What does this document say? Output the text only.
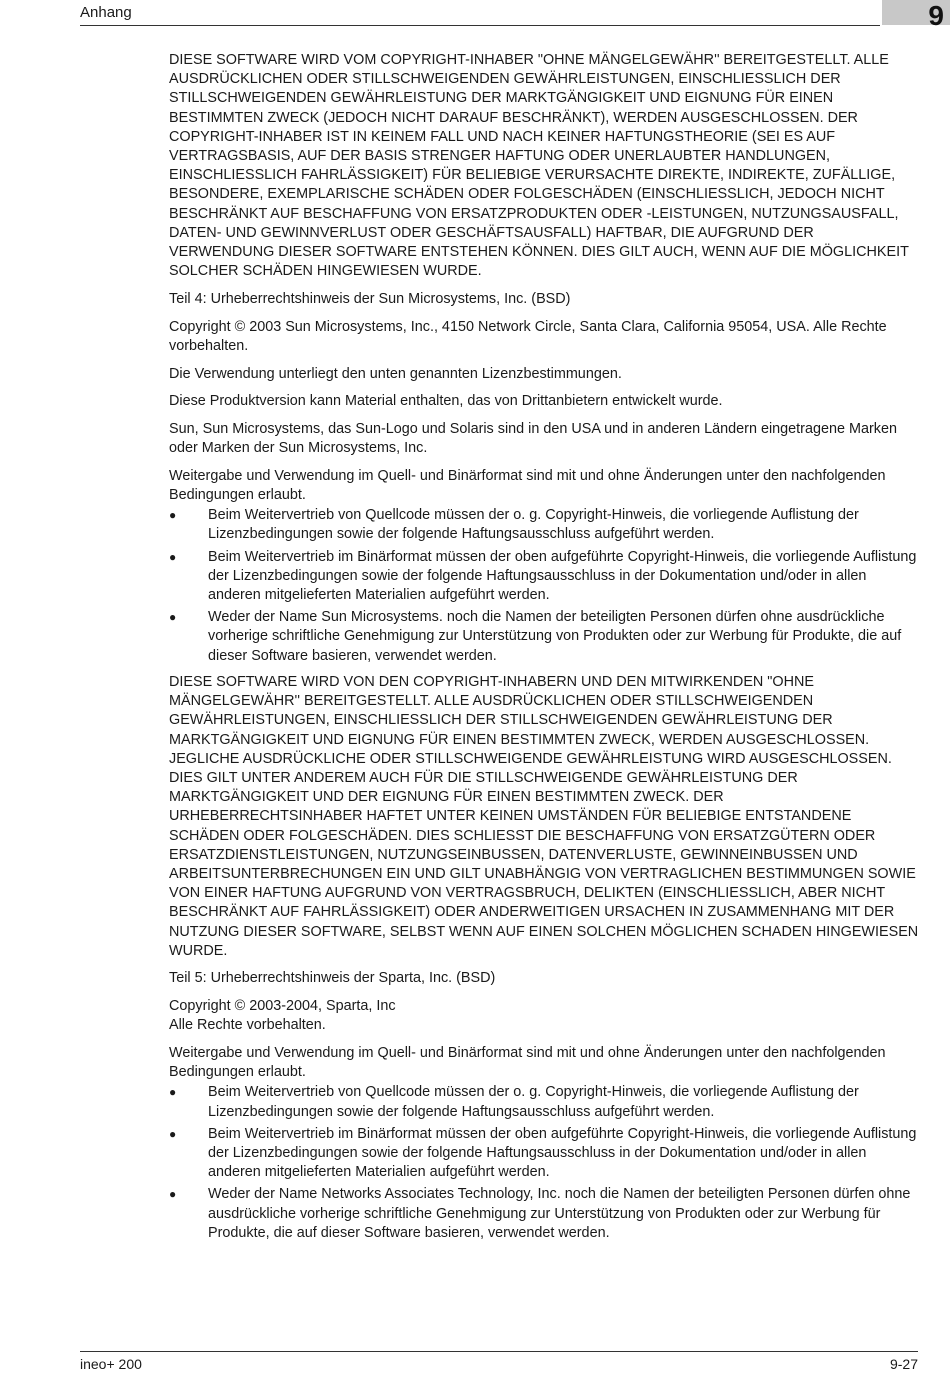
Anhang	9

DIESE SOFTWARE WIRD VOM COPYRIGHT-INHABER "OHNE MÄNGELGEWÄHR'' BEREITGESTELLT. ALLE AUSDRÜCKLICHEN ODER STILLSCHWEIGENDEN GEWÄHRLEISTUNGEN, EINSCHLIESSLICH DER STILLSCHWEIGENDEN GEWÄHRLEISTUNG DER MARKTGÄNGIGKEIT UND EIGNUNG FÜR EINEN BESTIMMTEN ZWECK (JEDOCH NICHT DARAUF BESCHRÄNKT), WERDEN AUSGESCHLOSSEN. DER COPYRIGHT-INHABER IST IN KEINEM FALL UND NACH KEINER HAFTUNGSTHEORIE (SEI ES AUF VERTRAGSBASIS, AUF DER BASIS STRENGER HAFTUNG ODER UNERLAUBTER HANDLUNGEN, EINSCHLIESSLICH FAHRLÄSSIGKEIT) FÜR BELIEBIGE VERURSACHTE DIREKTE, INDIREKTE, ZUFÄLLIGE, BESONDERE, EXEMPLARISCHE SCHÄDEN ODER FOLGESCHÄDEN (EINSCHLIESSLICH, JEDOCH NICHT BESCHRÄNKT AUF BESCHAFFUNG VON ERSATZPRODUKTEN ODER -LEISTUNGEN, NUTZUNGSAUSFALL, DATEN- UND GEWINNVERLUST ODER GESCHÄFTSAUSFALL) HAFTBAR, DIE AUFGRUND DER VERWENDUNG DIESER SOFTWARE ENTSTEHEN KÖNNEN. DIES GILT AUCH, WENN AUF DIE MÖGLICHKEIT SOLCHER SCHÄDEN HINGEWIESEN WURDE.

Teil 4: Urheberrechtshinweis der Sun Microsystems, Inc. (BSD)

Copyright © 2003 Sun Microsystems, Inc., 4150 Network Circle, Santa Clara, California 95054, USA. Alle Rechte vorbehalten.

Die Verwendung unterliegt den unten genannten Lizenzbestimmungen.

Diese Produktversion kann Material enthalten, das von Drittanbietern entwickelt wurde.

Sun, Sun Microsystems, das Sun-Logo und Solaris sind in den USA und in anderen Ländern eingetragene Marken oder Marken der Sun Microsystems, Inc.

Weitergabe und Verwendung im Quell- und Binärformat sind mit und ohne Änderungen unter den nachfolgenden Bedingungen erlaubt.

●	Beim Weitervertrieb von Quellcode müssen der o. g. Copyright-Hinweis, die vorliegende Auflistung der Lizenzbedingungen sowie der folgende Haftungsausschluss aufgeführt werden.
●	Beim Weitervertrieb im Binärformat müssen der oben aufgeführte Copyright-Hinweis, die vorliegende Auflistung der Lizenzbedingungen sowie der folgende Haftungsausschluss in der Dokumentation und/oder in allen anderen mitgelieferten Materialien aufgeführt werden.
●	Weder der Name Sun Microsystems. noch die Namen der beteiligten Personen dürfen ohne ausdrückliche vorherige schriftliche Genehmigung zur Unterstützung von Produkten oder zur Werbung für Produkte, die auf dieser Software basieren, verwendet werden.

DIESE SOFTWARE WIRD VON DEN COPYRIGHT-INHABERN UND DEN MITWIRKENDEN "OHNE MÄNGELGEWÄHR'' BEREITGESTELLT. ALLE AUSDRÜCKLICHEN ODER STILLSCHWEIGENDEN GEWÄHRLEISTUNGEN, EINSCHLIESSLICH DER STILLSCHWEIGENDEN GEWÄHRLEISTUNG DER MARKTGÄNGIGKEIT UND EIGNUNG FÜR EINEN BESTIMMTEN ZWECK, WERDEN AUSGESCHLOSSEN. JEGLICHE AUSDRÜCKLICHE ODER STILLSCHWEIGENDE GEWÄHRLEISTUNG WIRD AUSGESCHLOSSEN. DIES GILT UNTER ANDEREM AUCH FÜR DIE STILLSCHWEIGENDE GEWÄHRLEISTUNG DER MARKTGÄNGIGKEIT UND DER EIGNUNG FÜR EINEN BESTIMMTEN ZWECK. DER URHEBERRECHTSINHABER HAFTET UNTER KEINEN UMSTÄNDEN FÜR BELIEBIGE ENTSTANDENE SCHÄDEN ODER FOLGESCHÄDEN. DIES SCHLIESST DIE BESCHAFFUNG VON ERSATZGÜTERN ODER ERSATZDIENSTLEISTUNGEN, NUTZUNGSEINBUSSEN, DATENVERLUSTE, GEWINNEINBUSSEN UND ARBEITSUNTERBRECHUNGEN EIN UND GILT UNABHÄNGIG VON VERTRAGLICHEN BESTIMMUNGEN SOWIE VON EINER HAFTUNG AUFGRUND VON VERTRAGSBRUCH, DELIKTEN (EINSCHLIESSLICH, ABER NICHT BESCHRÄNKT AUF FAHRLÄSSIGKEIT) ODER ANDERWEITIGEN URSACHEN IN ZUSAMMENHANG MIT DER NUTZUNG DIESER SOFTWARE, SELBST WENN AUF EINEN SOLCHEN MÖGLICHEN SCHADEN HINGEWIESEN WURDE.

Teil 5: Urheberrechtshinweis der Sparta, Inc. (BSD)

Copyright © 2003-2004, Sparta, Inc
Alle Rechte vorbehalten.

Weitergabe und Verwendung im Quell- und Binärformat sind mit und ohne Änderungen unter den nachfolgenden Bedingungen erlaubt.

●	Beim Weitervertrieb von Quellcode müssen der o. g. Copyright-Hinweis, die vorliegende Auflistung der Lizenzbedingungen sowie der folgende Haftungsausschluss aufgeführt werden.
●	Beim Weitervertrieb im Binärformat müssen der oben aufgeführte Copyright-Hinweis, die vorliegende Auflistung der Lizenzbedingungen sowie der folgende Haftungsausschluss in der Dokumentation und/oder in allen anderen mitgelieferten Materialien aufgeführt werden.
●	Weder der Name Networks Associates Technology, Inc. noch die Namen der beteiligten Personen dürfen ohne ausdrückliche vorherige schriftliche Genehmigung zur Unterstützung von Produkten oder zur Werbung für Produkte, die auf dieser Software basieren, verwendet werden.
ineo+ 200	9-27
